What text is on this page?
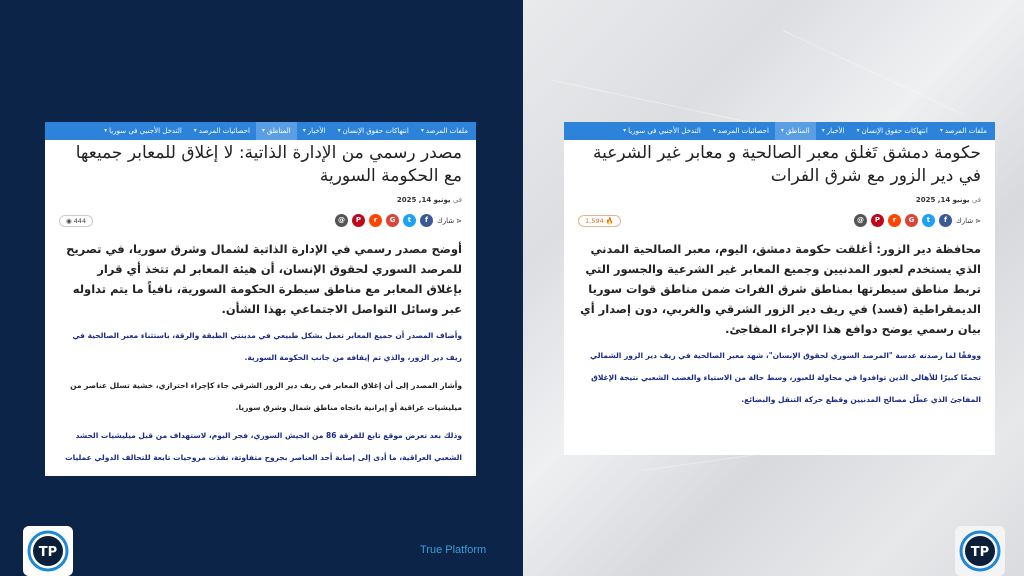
ملفات المرصد
▾
انتهاكات حقوق الإنسان
▾
الأخبار
▾
المناطق
▾
احصائيات المرصد
▾
التدخل الأجنبي في سوريا
▾
مصدر رسمي من الإدارة الذاتية: لا إغلاق للمعابر جميعها مع الحكومة السورية
في يونيو 14, 2025
⋖
شارك
f
t
G
r
P
@
◉ 444

أوضح مصدر رسمي في الإدارة الذاتية لشمال وشرق سوريا، في تصريح للمرصد السوري لحقوق الإنسان، أن هيئة المعابر لم تتخذ أي قرار بإغلاق المعابر مع مناطق سيطرة الحكومة السورية، نافياً ما يتم تداوله عبر وسائل التواصل الاجتماعي بهذا الشأن.

وأضاف المصدر أن جميع المعابر تعمل بشكل طبيعي في مدينتي الطبقة والرقة، باستثناء معبر الصالحية في ريف دير الزور، والذي تم إيقافه من جانب الحكومة السورية.

وأشار المصدر إلى أن إغلاق المعابر في ريف دير الزور الشرقي جاء كإجراء احترازي، خشية تسلل عناصر من ميليشيات عراقية أو إيرانية باتجاه مناطق شمال وشرق سوريا.

وذلك بعد تعرض موقع تابع للفرقة 86 من الجيش السوري، فجر اليوم، لاستهداف من قبل ميليشيات الحشد الشعبي العراقية، ما أدى إلى إصابة أحد العناصر بجروح متفاوتة، نفذت مروحيات تابعة للتحالف الدولي عمليات

ملفات المرصد
▾
انتهاكات حقوق الإنسان
▾
الأخبار
▾
المناطق
▾
احصائيات المرصد
▾
التدخل الأجنبي في سوريا
▾
حكومة دمشق تَغلق معبر الصالحية و معابر غير الشرعية في دير الزور مع شرق الفرات
في يونيو 14, 2025
⋖
شارك
f
t
G
r
P
@
1,594 🔥

محافظة دير الزور: أغلقت حكومة دمشق، اليوم، معبر الصالحية المدني الذي يستخدم لعبور المدنيين وجميع المعابر غير الشرعية والجسور التي تربط مناطق سيطرتها بمناطق شرق الفرات ضمن مناطق قوات سوريا الديمقراطية (قسد) في ريف دير الزور الشرقي والغربي، دون إصدار أي بيان رسمي يوضح دوافع هذا الإجراء المفاجئ.

ووفقًا لما رصدته عدسة "المرصد السوري لحقوق الإنسان"، شهد معبر الصالحية في ريف دير الزور الشمالي تجمعًا كبيرًا للأهالي الذين توافدوا في محاولة للعبور، وسط حالة من الاستياء والغضب الشعبي نتيجة الإغلاق المفاجئ الذي عطّل مصالح المدنيين وقطع حركة التنقل والبضائع.

True Platform
TP	TP
